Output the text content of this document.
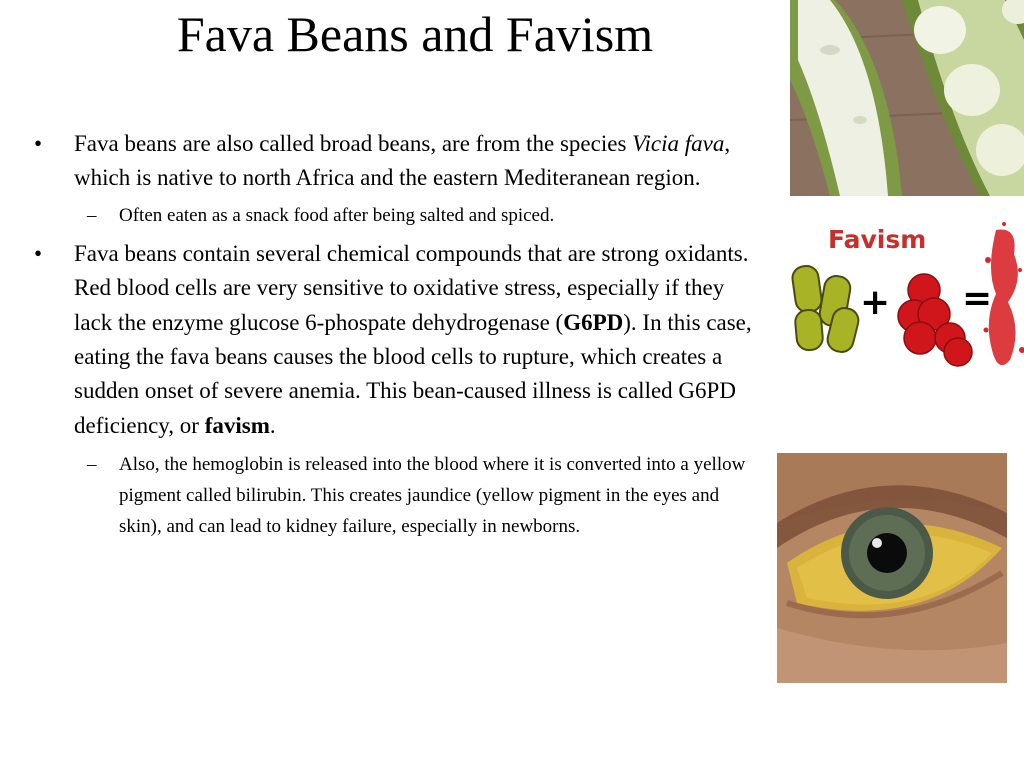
Fava Beans and Favism
• Fava beans are also called broad beans, are from the species Vicia fava, which is native to north Africa and the eastern Mediteranean region.
– Often eaten as a snack food after being salted and spiced.
• Fava beans contain several chemical compounds that are strong oxidants. Red blood cells are very sensitive to oxidative stress, especially if they lack the enzyme glucose 6-phospate dehydrogenase (G6PD). In this case, eating the fava beans causes the blood cells to rupture, which creates a sudden onset of severe anemia. This bean-caused illness is called G6PD deficiency, or favism.
– Also, the hemoglobin is released into the blood where it is converted into a yellow pigment called bilirubin. This creates jaundice (yellow pigment in the eyes and skin), and can lead to kidney failure, especially in newborns.
Favism
+ =
